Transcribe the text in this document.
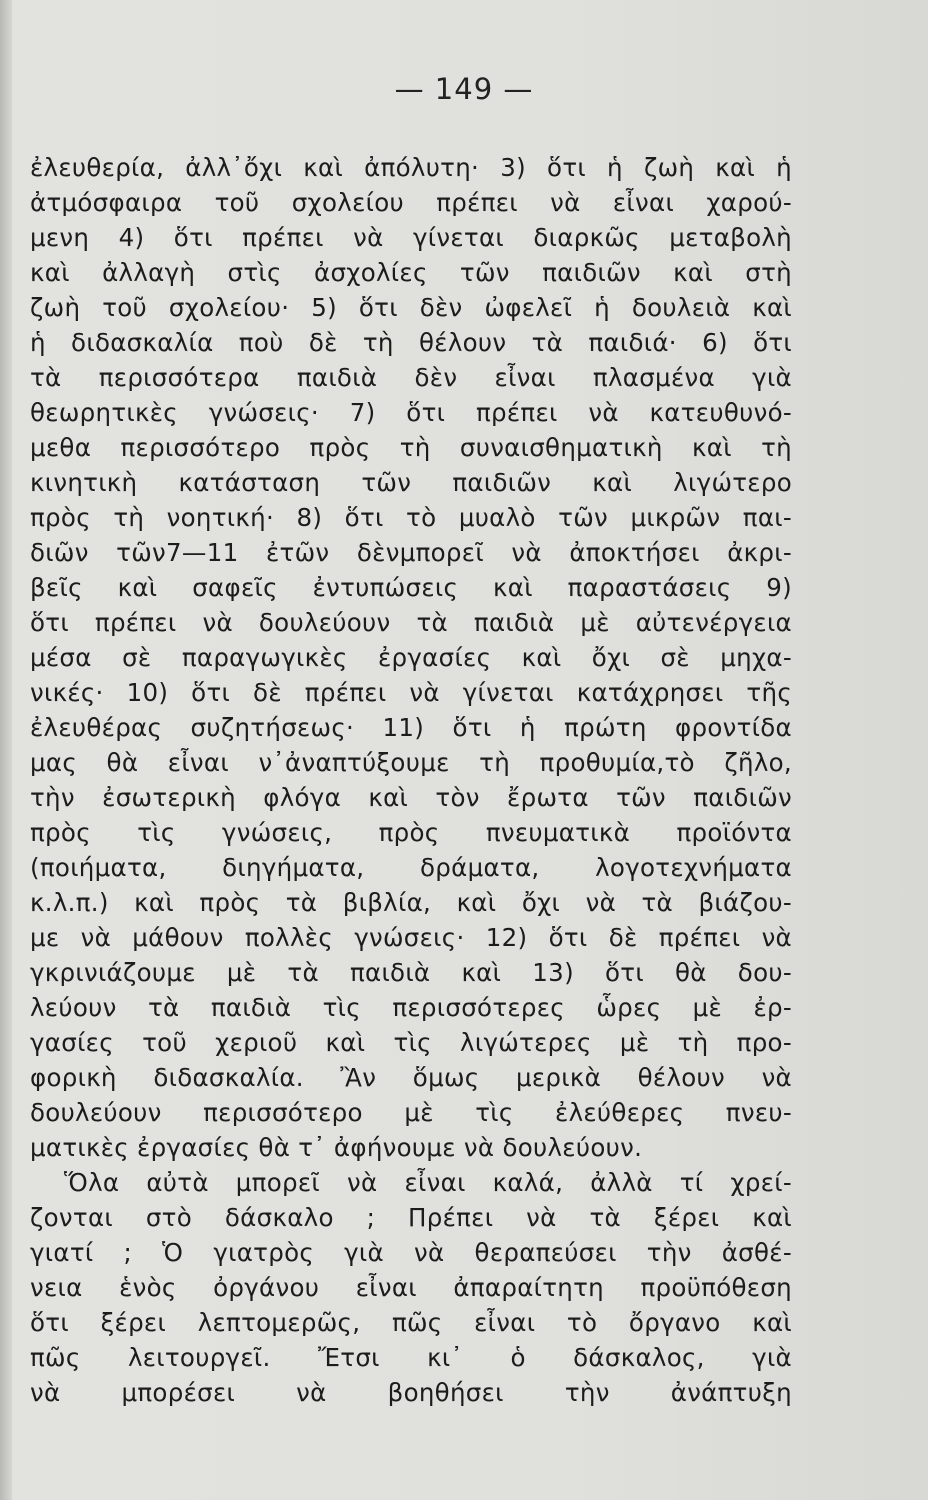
— 149 —
ἐλευθερία, ἀλλ᾽ὄχι καὶ ἀπόλυτη· 3) ὅτι ἡ ζωὴ καὶ ἡ
ἀτμόσφαιρα τοῦ σχολείου πρέπει νὰ εἶναι χαρού-
μενη 4) ὅτι πρέπει νὰ γίνεται διαρκῶς μεταβολὴ
καὶ ἀλλαγὴ στὶς ἀσχολίες τῶν παιδιῶν καὶ στὴ
ζωὴ τοῦ σχολείου· 5) ὅτι δὲν ὠφελεῖ ἡ δουλειὰ καὶ
ἡ διδασκαλία ποὺ δὲ τὴ θέλουν τὰ παιδιά· 6) ὅτι
τὰ περισσότερα παιδιὰ δὲν εἶναι πλασμένα γιὰ
θεωρητικὲς γνώσεις· 7) ὅτι πρέπει νὰ κατευθυνό-
μεθα περισσότερο πρὸς τὴ συναισθηματικὴ καὶ τὴ
κινητικὴ κατάσταση τῶν παιδιῶν καὶ λιγώτερο
πρὸς τὴ νοητική· 8) ὅτι τὸ μυαλὸ τῶν μικρῶν παι-
διῶν τῶν7—11 ἐτῶν δὲνμπορεῖ νὰ ἀποκτήσει ἀκρι-
βεῖς καὶ σαφεῖς ἐντυπώσεις καὶ παραστάσεις 9)
ὅτι πρέπει νὰ δουλεύουν τὰ παιδιὰ μὲ αὐτενέργεια
μέσα σὲ παραγωγικὲς ἐργασίες καὶ ὄχι σὲ μηχα-
νικές· 10) ὅτι δὲ πρέπει νὰ γίνεται κατάχρησει τῆς
ἐλευθέρας συζητήσεως· 11) ὅτι ἡ πρώτη φροντίδα
μας θὰ εἶναι ν᾽ἀναπτύξουμε τὴ προθυμία,τὸ ζῆλο,
τὴν ἐσωτερικὴ φλόγα καὶ τὸν ἔρωτα τῶν παιδιῶν
πρὸς τὶς γνώσεις, πρὸς πνευματικὰ προϊόντα
(ποιήματα, διηγήματα, δράματα, λογοτεχνήματα
κ.λ.π.) καὶ πρὸς τὰ βιβλία, καὶ ὄχι νὰ τὰ βιάζου-
με νὰ μάθουν πολλὲς γνώσεις· 12) ὅτι δὲ πρέπει νὰ
γκρινιάζουμε μὲ τὰ παιδιὰ καὶ 13) ὅτι θὰ δου-
λεύουν τὰ παιδιὰ τὶς περισσότερες ὧρες μὲ ἐρ-
γασίες τοῦ χεριοῦ καὶ τὶς λιγώτερες μὲ τὴ προ-
φορικὴ διδασκαλία. Ἂν ὅμως μερικὰ θέλουν νὰ
δουλεύουν περισσότερο μὲ τὶς ἐλεύθερες πνευ-
ματικὲς ἐργασίες θὰ τ᾽ ἀφήνουμε νὰ δουλεύουν.
Ὅλα αὐτὰ μπορεῖ νὰ εἶναι καλά, ἀλλὰ τί χρεί-
ζονται στὸ δάσκαλο ; Πρέπει νὰ τὰ ξέρει καὶ
γιατί ; Ὁ γιατρὸς γιὰ νὰ θεραπεύσει τὴν ἀσθέ-
νεια ἑνὸς ὀργάνου εἶναι ἀπαραίτητη προϋπόθεση
ὅτι ξέρει λεπτομερῶς, πῶς εἶναι τὸ ὄργανο καὶ
πῶς λειτουργεῖ. Ἔτσι κι᾽ ὁ δάσκαλος, γιὰ
νὰ μπορέσει νὰ βοηθήσει τὴν ἀνάπτυξη
